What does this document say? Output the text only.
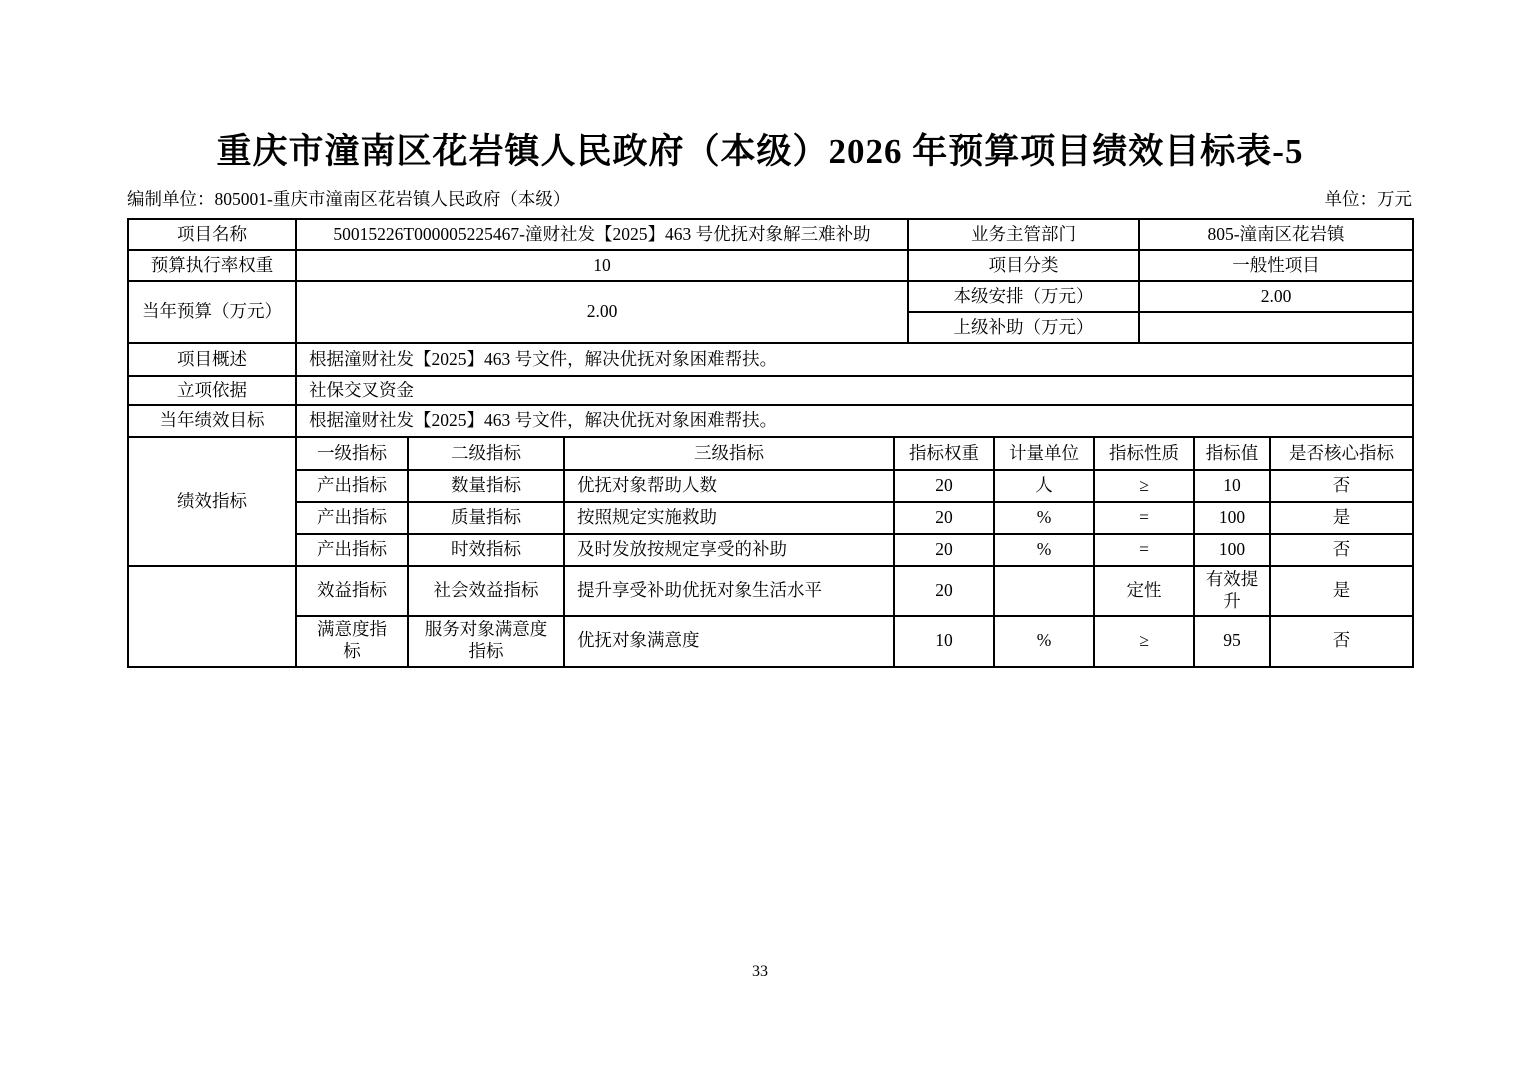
重庆市潼南区花岩镇人民政府（本级）2026 年预算项目绩效目标表-5
编制单位：805001-重庆市潼南区花岩镇人民政府（本级）	单位：万元
项目名称	50015226T000005225467-潼财社发【2025】463 号优抚对象解三难补助	业务主管部门	805-潼南区花岩镇
预算执行率权重	10	项目分类	一般性项目
当年预算（万元）	2.00	本级安排（万元）	2.00
		上级补助（万元）	
项目概述	根据潼财社发【2025】463 号文件，解决优抚对象困难帮扶。		
立项依据	社保交叉资金		
当年绩效目标	根据潼财社发【2025】463 号文件，解决优抚对象困难帮扶。		
绩效指标	一级指标	二级指标	三级指标	指标权重	计量单位	指标性质	指标值	是否核心指标
	产出指标	数量指标	优抚对象帮助人数	20	人	≥	10	否
	产出指标	质量指标	按照规定实施救助	20	%	=	100	是
	产出指标	时效指标	及时发放按规定享受的补助	20	%	=	100	否
	效益指标	社会效益指标	提升享受补助优抚对象生活水平	20		定性	有效提升	是
	满意度指标	服务对象满意度指标	优抚对象满意度	10	%	≥	95	否
33
